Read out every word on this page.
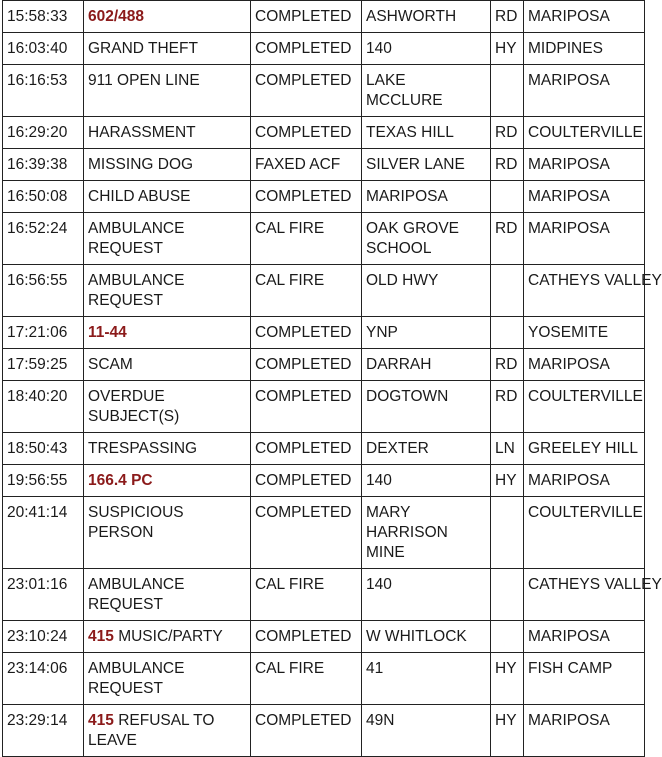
15:58:33	602/488	COMPLETED	ASHWORTH	RD	MARIPOSA
16:03:40	GRAND THEFT	COMPLETED	140	HY	MIDPINES
16:16:53	911 OPEN LINE	COMPLETED	LAKE MCCLURE		MARIPOSA
16:29:20	HARASSMENT	COMPLETED	TEXAS HILL	RD	COULTERVILLE
16:39:38	MISSING DOG	FAXED ACF	SILVER LANE	RD	MARIPOSA
16:50:08	CHILD ABUSE	COMPLETED	MARIPOSA		MARIPOSA
16:52:24	AMBULANCE REQUEST	CAL FIRE	OAK GROVE SCHOOL	RD	MARIPOSA
16:56:55	AMBULANCE REQUEST	CAL FIRE	OLD HWY		CATHEYS VALLEY
17:21:06	11-44	COMPLETED	YNP		YOSEMITE
17:59:25	SCAM	COMPLETED	DARRAH	RD	MARIPOSA
18:40:20	OVERDUE SUBJECT(S)	COMPLETED	DOGTOWN	RD	COULTERVILLE
18:50:43	TRESPASSING	COMPLETED	DEXTER	LN	GREELEY HILL
19:56:55	166.4 PC	COMPLETED	140	HY	MARIPOSA
20:41:14	SUSPICIOUS PERSON	COMPLETED	MARY HARRISON MINE		COULTERVILLE
23:01:16	AMBULANCE REQUEST	CAL FIRE	140		CATHEYS VALLEY
23:10:24	415 MUSIC/PARTY	COMPLETED	W WHITLOCK		MARIPOSA
23:14:06	AMBULANCE REQUEST	CAL FIRE	41	HY	FISH CAMP
23:29:14	415 REFUSAL TO LEAVE	COMPLETED	49N	HY	MARIPOSA
